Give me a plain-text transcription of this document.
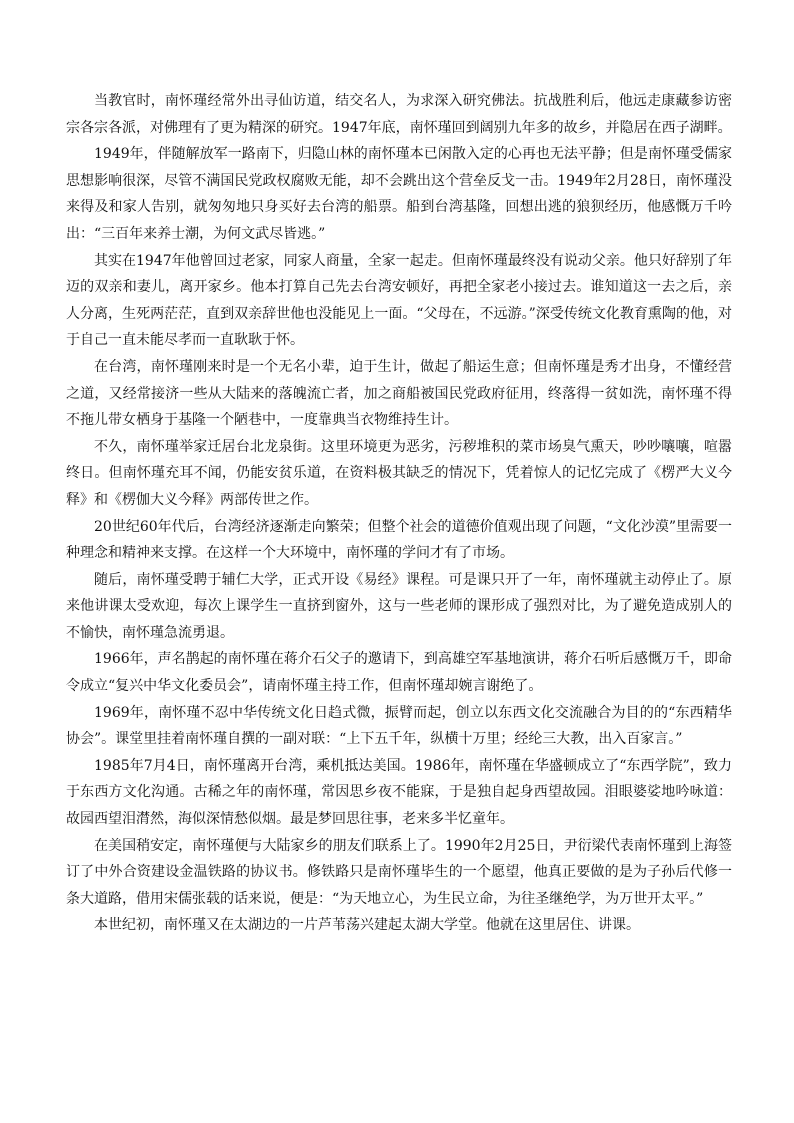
当教官时，南怀瑾经常外出寻仙访道，结交名人，为求深入研究佛法。抗战胜利后，他远走康藏参访密宗各宗各派，对佛理有了更为精深的研究。1947年底，南怀瑾回到阔别九年多的故乡，并隐居在西子湖畔。

1949年，伴随解放军一路南下，归隐山林的南怀瑾本已闲散入定的心再也无法平静；但是南怀瑾受儒家思想影响很深，尽管不满国民党政权腐败无能，却不会跳出这个营垒反戈一击。1949年2月28日，南怀瑾没来得及和家人告别，就匆匆地只身买好去台湾的船票。船到台湾基隆，回想出逃的狼狈经历，他感慨万千吟出：“三百年来养士潮，为何文武尽皆逃。”

其实在1947年他曾回过老家，同家人商量，全家一起走。但南怀瑾最终没有说动父亲。他只好辞别了年迈的双亲和妻儿，离开家乡。他本打算自己先去台湾安顿好，再把全家老小接过去。谁知道这一去之后，亲人分离，生死两茫茫，直到双亲辞世他也没能见上一面。“父母在，不远游。”深受传统文化教育熏陶的他，对于自己一直未能尽孝而一直耿耿于怀。

在台湾，南怀瑾刚来时是一个无名小辈，迫于生计，做起了船运生意；但南怀瑾是秀才出身，不懂经营之道，又经常接济一些从大陆来的落魄流亡者，加之商船被国民党政府征用，终落得一贫如洗，南怀瑾不得不拖儿带女栖身于基隆一个陋巷中，一度靠典当衣物维持生计。

不久，南怀瑾举家迁居台北龙泉街。这里环境更为恶劣，污秽堆积的菜市场臭气熏天，吵吵嚷嚷，喧嚣终日。但南怀瑾充耳不闻，仍能安贫乐道，在资料极其缺乏的情况下，凭着惊人的记忆完成了《楞严大义今释》和《楞伽大义今释》两部传世之作。

20世纪60年代后，台湾经济逐渐走向繁荣；但整个社会的道德价值观出现了问题，“文化沙漠”里需要一种理念和精神来支撑。在这样一个大环境中，南怀瑾的学问才有了市场。

随后，南怀瑾受聘于辅仁大学，正式开设《易经》课程。可是课只开了一年，南怀瑾就主动停止了。原来他讲课太受欢迎，每次上课学生一直挤到窗外，这与一些老师的课形成了强烈对比，为了避免造成别人的不愉快，南怀瑾急流勇退。

1966年，声名鹊起的南怀瑾在蒋介石父子的邀请下，到高雄空军基地演讲，蒋介石听后感慨万千，即命令成立“复兴中华文化委员会”，请南怀瑾主持工作，但南怀瑾却婉言谢绝了。

1969年，南怀瑾不忍中华传统文化日趋式微，振臂而起，创立以东西文化交流融合为目的的“东西精华协会”。课堂里挂着南怀瑾自撰的一副对联：“上下五千年，纵横十万里；经纶三大教，出入百家言。”

1985年7月4日，南怀瑾离开台湾，乘机抵达美国。1986年，南怀瑾在华盛顿成立了“东西学院”，致力于东西方文化沟通。古稀之年的南怀瑾，常因思乡夜不能寐，于是独自起身西望故园。泪眼婆娑地吟咏道：故园西望泪潸然，海似深情愁似烟。最是梦回思往事，老来多半忆童年。

在美国稍安定，南怀瑾便与大陆家乡的朋友们联系上了。1990年2月25日，尹衍梁代表南怀瑾到上海签订了中外合资建设金温铁路的协议书。修铁路只是南怀瑾毕生的一个愿望，他真正要做的是为子孙后代修一条大道路，借用宋儒张载的话来说，便是：“为天地立心，为生民立命，为往圣继绝学，为万世开太平。”

本世纪初，南怀瑾又在太湖边的一片芦苇荡兴建起太湖大学堂。他就在这里居住、讲课。
